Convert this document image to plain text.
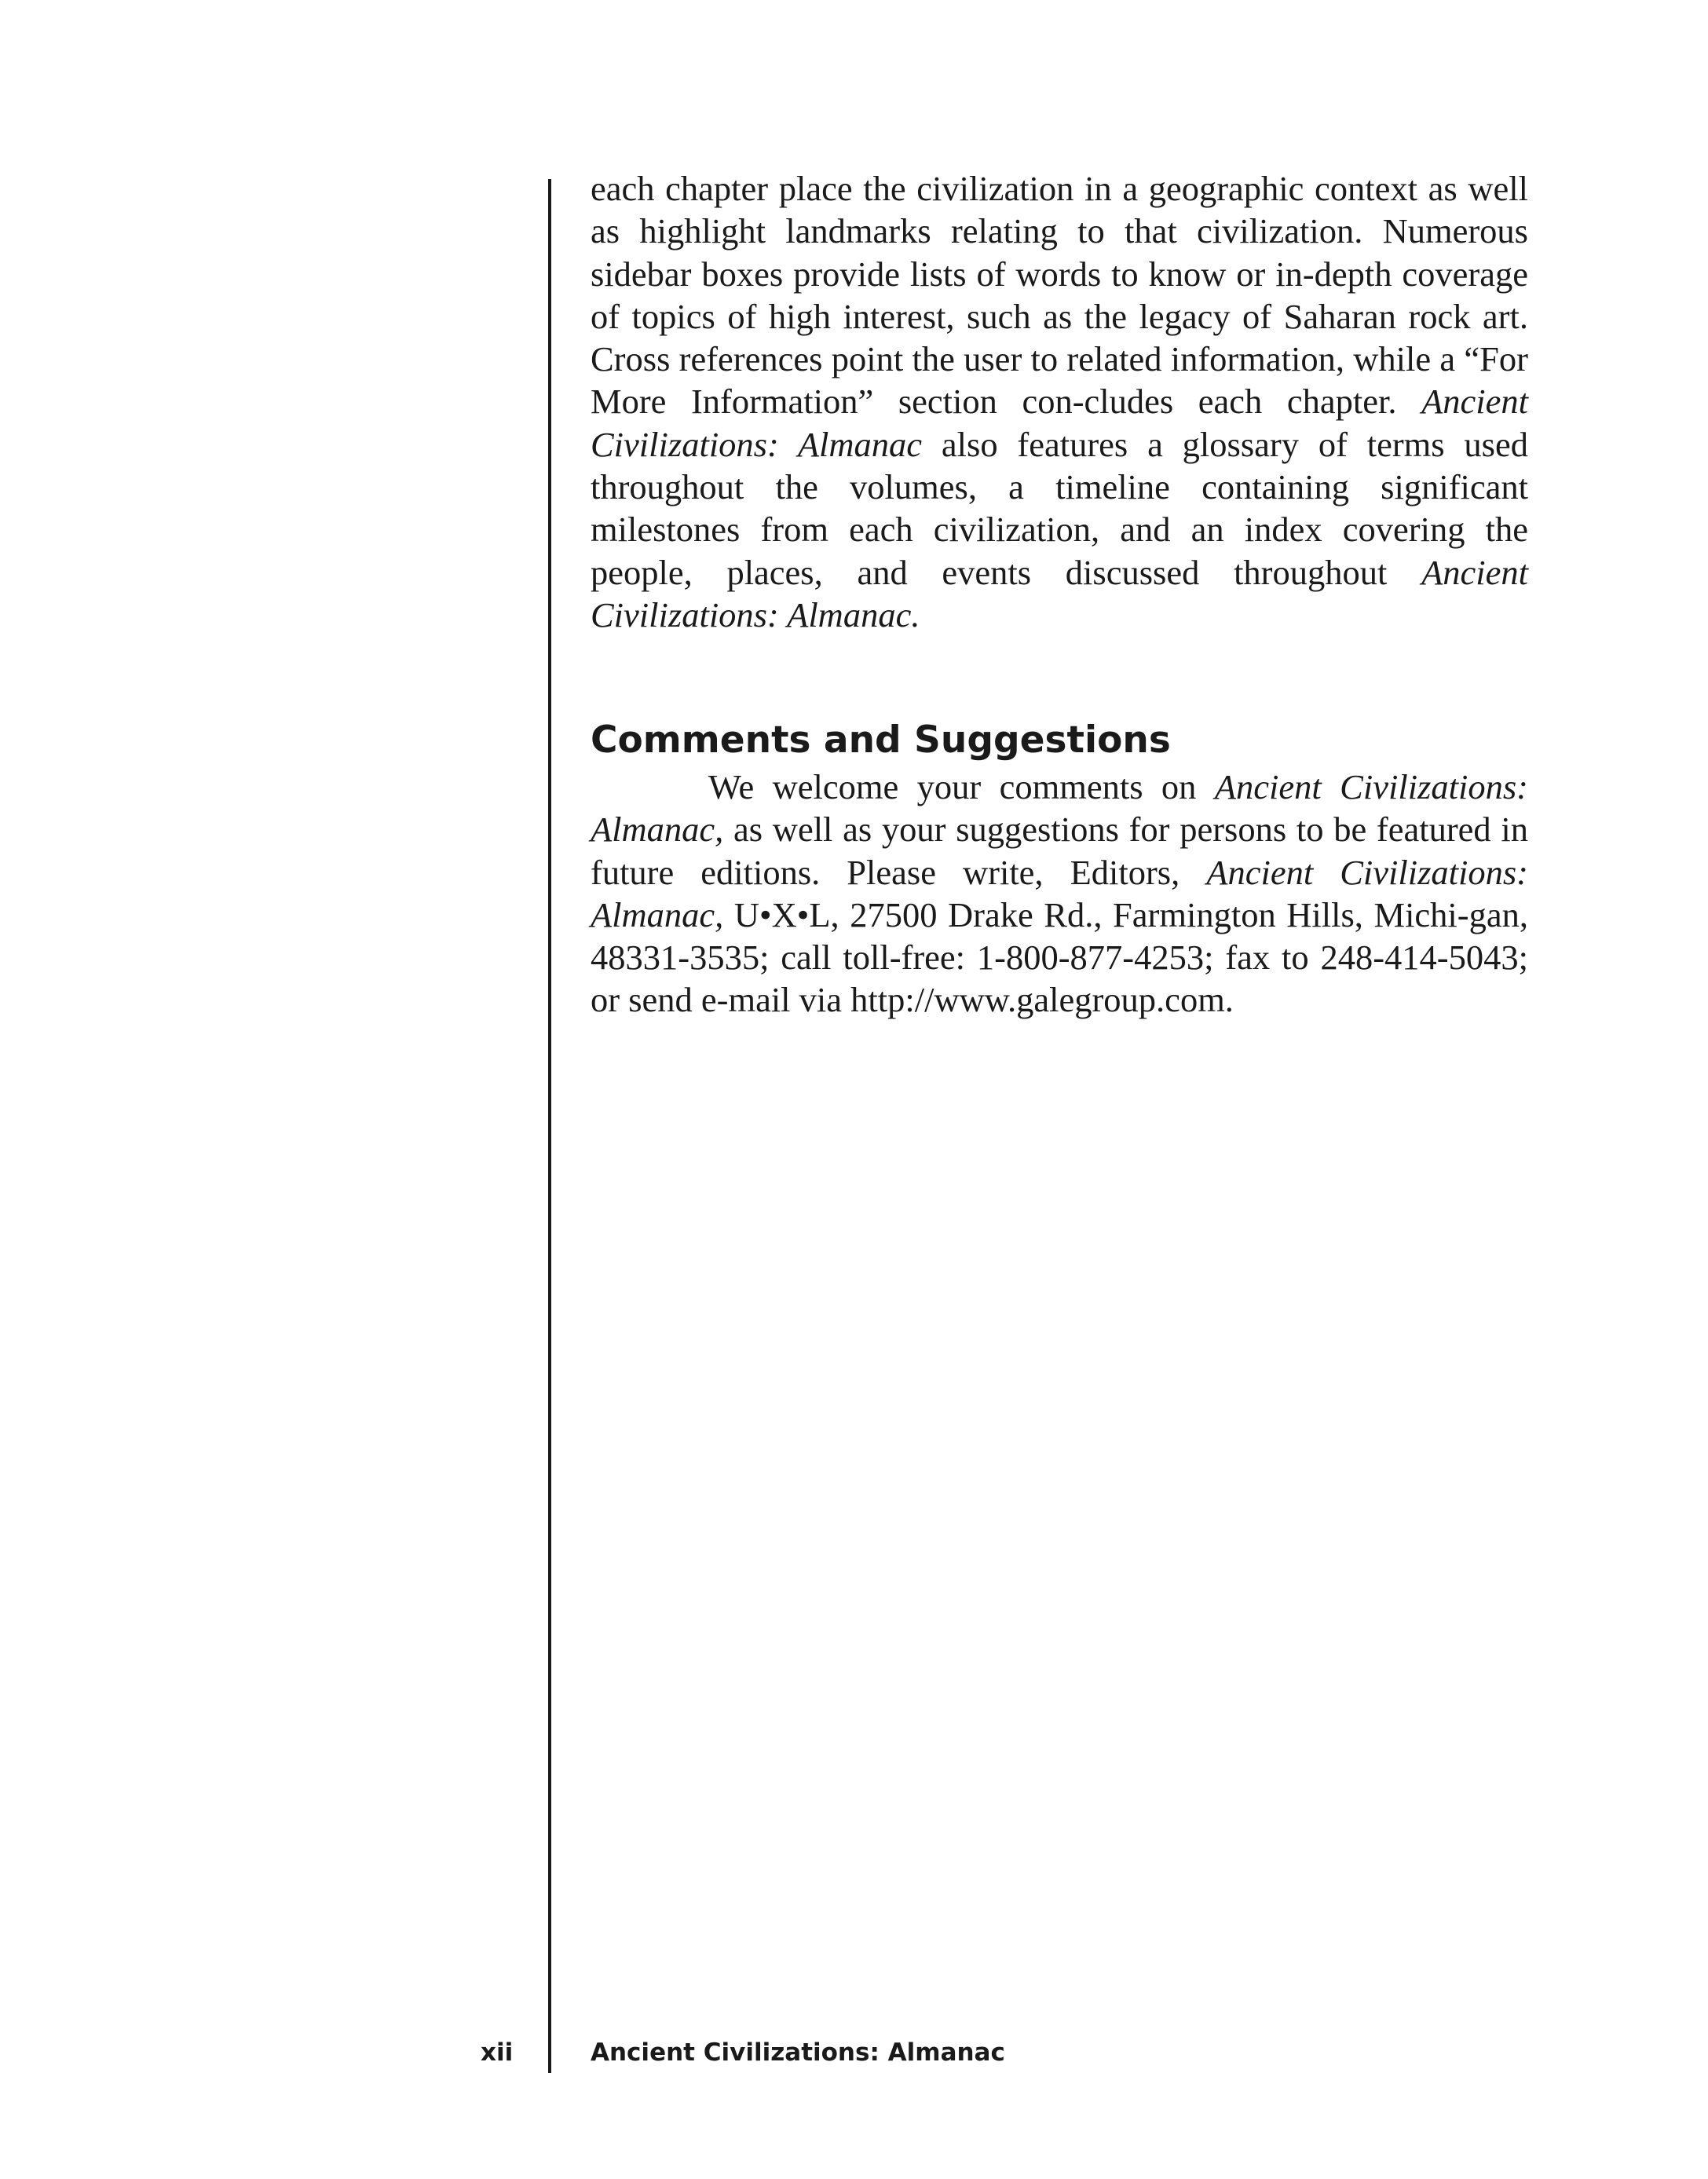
each chapter place the civilization in a geographic context as well as highlight landmarks relating to that civilization. Numerous sidebar boxes provide lists of words to know or in-depth coverage of topics of high interest, such as the legacy of Saharan rock art. Cross references point the user to related information, while a “For More Information” section con-cludes each chapter. Ancient Civilizations: Almanac also features a glossary of terms used throughout the volumes, a timeline containing significant milestones from each civilization, and an index covering the people, places, and events discussed throughout Ancient Civilizations: Almanac.

Comments and Suggestions

We welcome your comments on Ancient Civilizations: Almanac, as well as your suggestions for persons to be featured in future editions. Please write, Editors, Ancient Civilizations: Almanac, U•X•L, 27500 Drake Rd., Farmington Hills, Michi-gan, 48331-3535; call toll-free: 1-800-877-4253; fax to 248-414-5043; or send e-mail via http://www.galegroup.com.

xii	Ancient Civilizations: Almanac
